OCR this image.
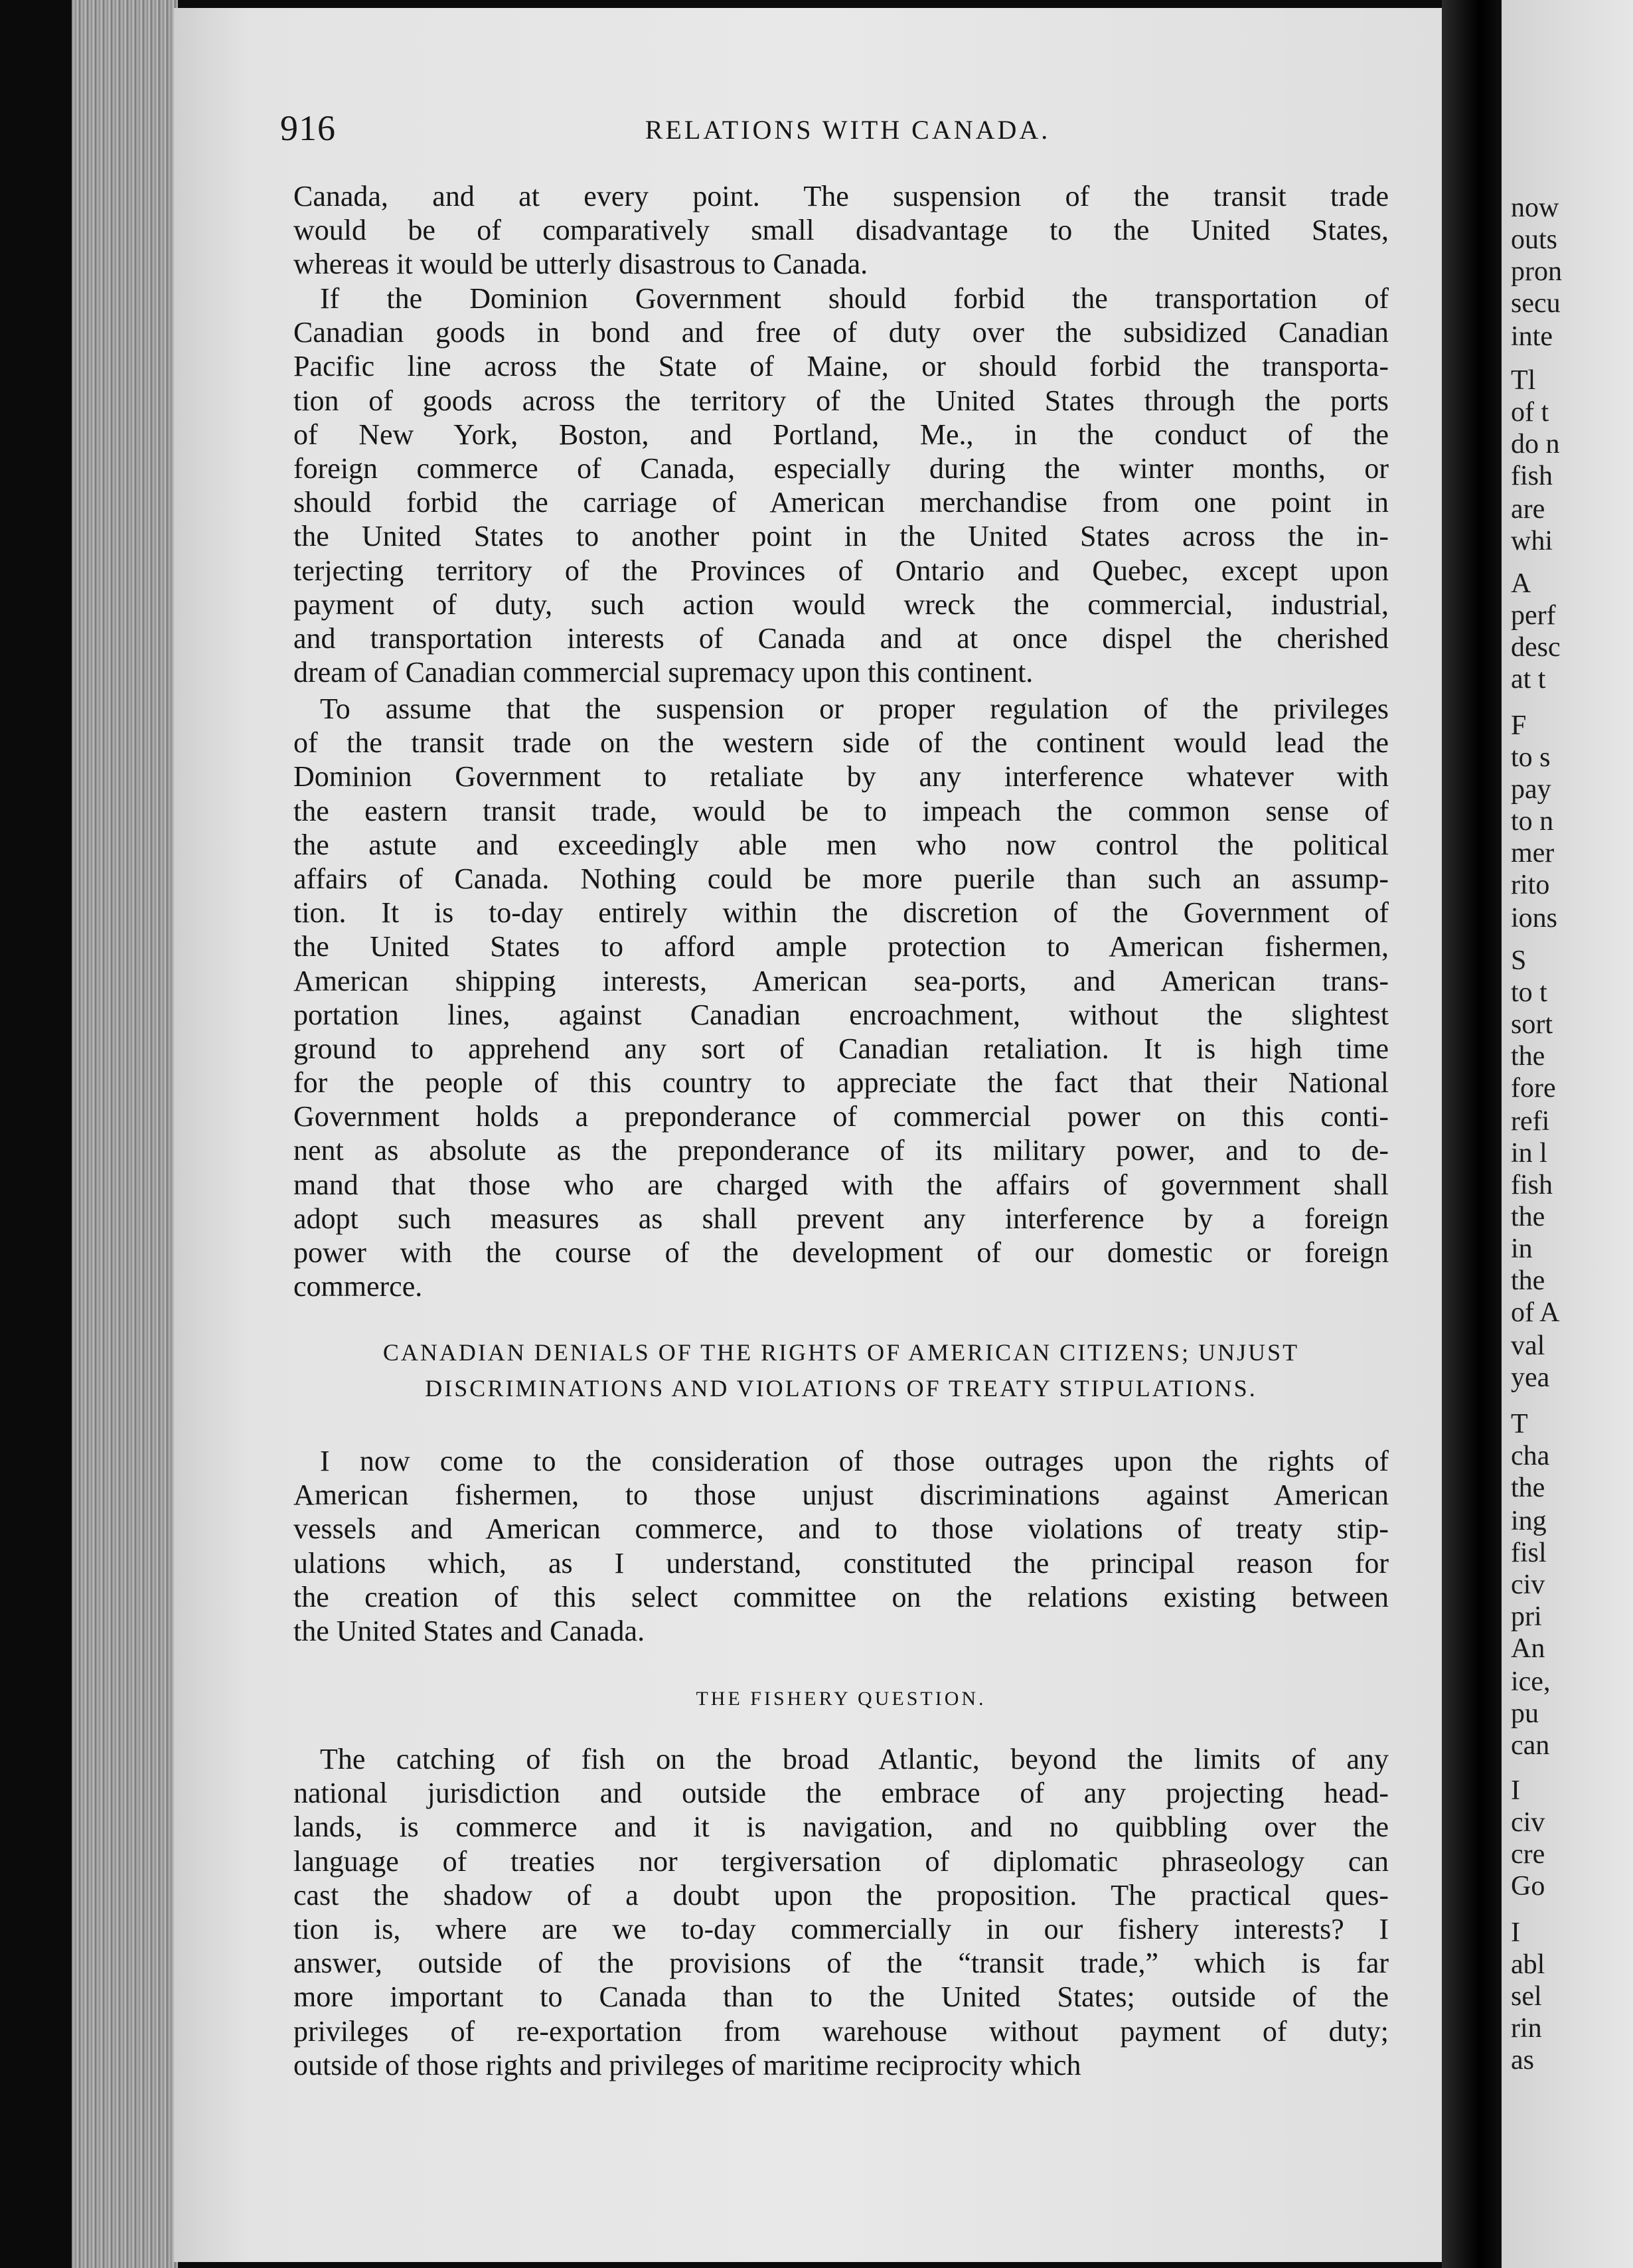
916	RELATIONS WITH CANADA.
Canada, and at every point. The suspension of the transit trade
would be of comparatively small disadvantage to the United States,
whereas it would be utterly disastrous to Canada.
If the Dominion Government should forbid the transportation of
Canadian goods in bond and free of duty over the subsidized Canadian
Pacific line across the State of Maine, or should forbid the transporta-
tion of goods across the territory of the United States through the ports
of New York, Boston, and Portland, Me., in the conduct of the
foreign commerce of Canada, especially during the winter months, or
should forbid the carriage of American merchandise from one point in
the United States to another point in the United States across the in-
terjecting territory of the Provinces of Ontario and Quebec, except upon
payment of duty, such action would wreck the commercial, industrial,
and transportation interests of Canada and at once dispel the cherished
dream of Canadian commercial supremacy upon this continent.
To assume that the suspension or proper regulation of the privileges
of the transit trade on the western side of the continent would lead the
Dominion Government to retaliate by any interference whatever with
the eastern transit trade, would be to impeach the common sense of
the astute and exceedingly able men who now control the political
affairs of Canada. Nothing could be more puerile than such an assump-
tion. It is to-day entirely within the discretion of the Government of
the United States to afford ample protection to American fishermen,
American shipping interests, American sea-ports, and American trans-
portation lines, against Canadian encroachment, without the slightest
ground to apprehend any sort of Canadian retaliation. It is high time
for the people of this country to appreciate the fact that their National
Government holds a preponderance of commercial power on this conti-
nent as absolute as the preponderance of its military power, and to de-
mand that those who are charged with the affairs of government shall
adopt such measures as shall prevent any interference by a foreign
power with the course of the development of our domestic or foreign
commerce.
CANADIAN DENIALS OF THE RIGHTS OF AMERICAN CITIZENS; UNJUST
DISCRIMINATIONS AND VIOLATIONS OF TREATY STIPULATIONS.
I now come to the consideration of those outrages upon the rights of
American fishermen, to those unjust discriminations against American
vessels and American commerce, and to those violations of treaty stip-
ulations which, as I understand, constituted the principal reason for
the creation of this select committee on the relations existing between
the United States and Canada.
THE FISHERY QUESTION.
The catching of fish on the broad Atlantic, beyond the limits of any
national jurisdiction and outside the embrace of any projecting head-
lands, is commerce and it is navigation, and no quibbling over the
language of treaties nor tergiversation of diplomatic phraseology can
cast the shadow of a doubt upon the proposition. The practical ques-
tion is, where are we to-day commercially in our fishery interests? I
answer, outside of the provisions of the “transit trade,” which is far
more important to Canada than to the United States; outside of the
privileges of re-exportation from warehouse without payment of duty;
outside of those rights and privileges of maritime reciprocity which

now

outs

pron

secu

inte

Tl

of t

do n

fish

are

whi

A

perf

desc

at t

F

to s

pay

to n

mer

rito

ions

S

to t

sort

the

fore

refi

in l

fish

the

in

the

of A

val

yea

T

cha

the

ing

fisl

civ

pri

An

ice,

pu

can

I

civ

cre

Go

I

abl

sel

rin

as
